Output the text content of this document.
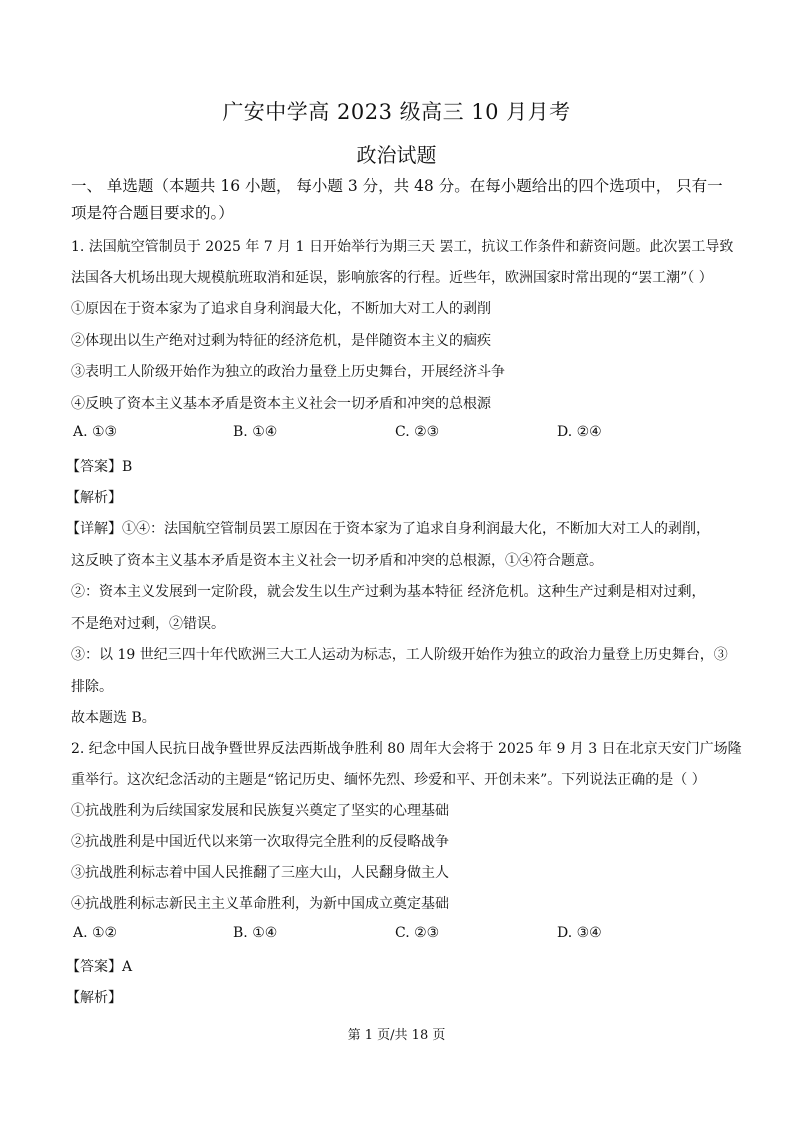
广安中学高 2023 级高三 10 月月考
政治试题
一、 单选题（本题共 16 小题， 每小题 3 分，共 48 分。在每小题给出的四个选项中， 只有一
项是符合题目要求的。）
1. 法国航空管制员于 2025 年 7 月 1 日开始举行为期三天 罢工，抗议工作条件和薪资问题。此次罢工导致
法国各大机场出现大规模航班取消和延误，影响旅客的行程。近些年，欧洲国家时常出现的“罢工潮”（ ）
①原因在于资本家为了追求自身利润最大化，不断加大对工人的剥削
②体现出以生产绝对过剩为特征的经济危机，是伴随资本主义的痼疾
③表明工人阶级开始作为独立的政治力量登上历史舞台，开展经济斗争
④反映了资本主义基本矛盾是资本主义社会一切矛盾和冲突的总根源
A. ①③	B. ①④	C. ②③	D. ②④
【答案】B
【解析】
【详解】①④：法国航空管制员罢工原因在于资本家为了追求自身利润最大化，不断加大对工人的剥削，
这反映了资本主义基本矛盾是资本主义社会一切矛盾和冲突的总根源，①④符合题意。
②：资本主义发展到一定阶段，就会发生以生产过剩为基本特征 经济危机。这种生产过剩是相对过剩，
不是绝对过剩，②错误。
③：以 19 世纪三四十年代欧洲三大工人运动为标志，工人阶级开始作为独立的政治力量登上历史舞台，③
排除。
故本题选 B。
2. 纪念中国人民抗日战争暨世界反法西斯战争胜利 80 周年大会将于 2025 年 9 月 3 日在北京天安门广场隆
重举行。这次纪念活动的主题是“铭记历史、缅怀先烈、珍爱和平、开创未来”。下列说法正确的是（ ）
①抗战胜利为后续国家发展和民族复兴奠定了坚实的心理基础
②抗战胜利是中国近代以来第一次取得完全胜利的反侵略战争
③抗战胜利标志着中国人民推翻了三座大山，人民翻身做主人
④抗战胜利标志新民主主义革命胜利，为新中国成立奠定基础
A. ①②	B. ①④	C. ②③	D. ③④
【答案】A
【解析】
第 1 页/共 18 页
